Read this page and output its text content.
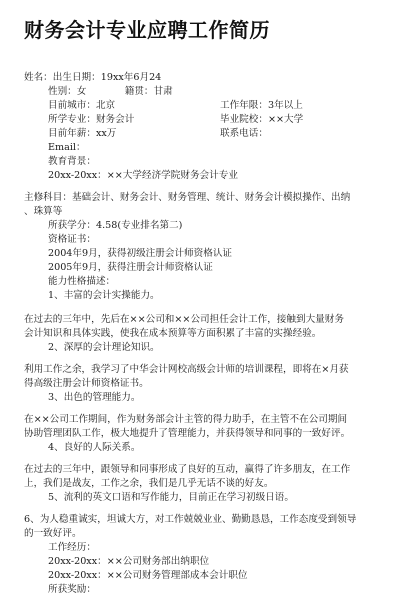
财务会计专业应聘工作简历
姓名：出生日期：19xx年6月24
性别：女　　　　籍贯：甘肃
目前城市：北京	工作年限：3年以上
所学专业：财务会计	毕业院校：××大学
目前年薪：xx万	联系电话：
Email：
教育背景：
20xx-20xx：××大学经济学院财务会计专业
主修科目：基础会计、财务会计、财务管理、统计、财务会计模拟操作、出纳
、珠算等
所获学分：4.58(专业排名第二)
资格证书：
2004年9月，获得初级注册会计师资格认证
2005年9月，获得注册会计师资格认证
能力性格描述：
1、丰富的会计实操能力。
在过去的三年中，先后在××公司和××公司担任会计工作，接触到大量财务
会计知识和具体实践，使我在成本预算等方面积累了丰富的实操经验。
2、深厚的会计理论知识。
利用工作之余，我学习了中华会计网校高级会计师的培训课程，即将在×月获
得高级注册会计师资格证书。
3、出色的管理能力。
在××公司工作期间，作为财务部会计主管的得力助手，在主管不在公司期间
协助管理团队工作，极大地提升了管理能力，并获得领导和同事的一致好评。
4、良好的人际关系。
在过去的三年中，跟领导和同事形成了良好的互动，赢得了许多朋友，在工作
上，我们是战友，工作之余，我们是几乎无话不谈的好友。
5、流利的英文口语和写作能力，目前正在学习初级日语。
6、为人稳重诚实，坦诚大方，对工作兢兢业业、勤勤恳恳，工作态度受到领导
的一致好评。
工作经历：
20xx-20xx：××公司财务部出纳职位
20xx-20xx：××公司财务管理部成本会计职位
所获奖励：
